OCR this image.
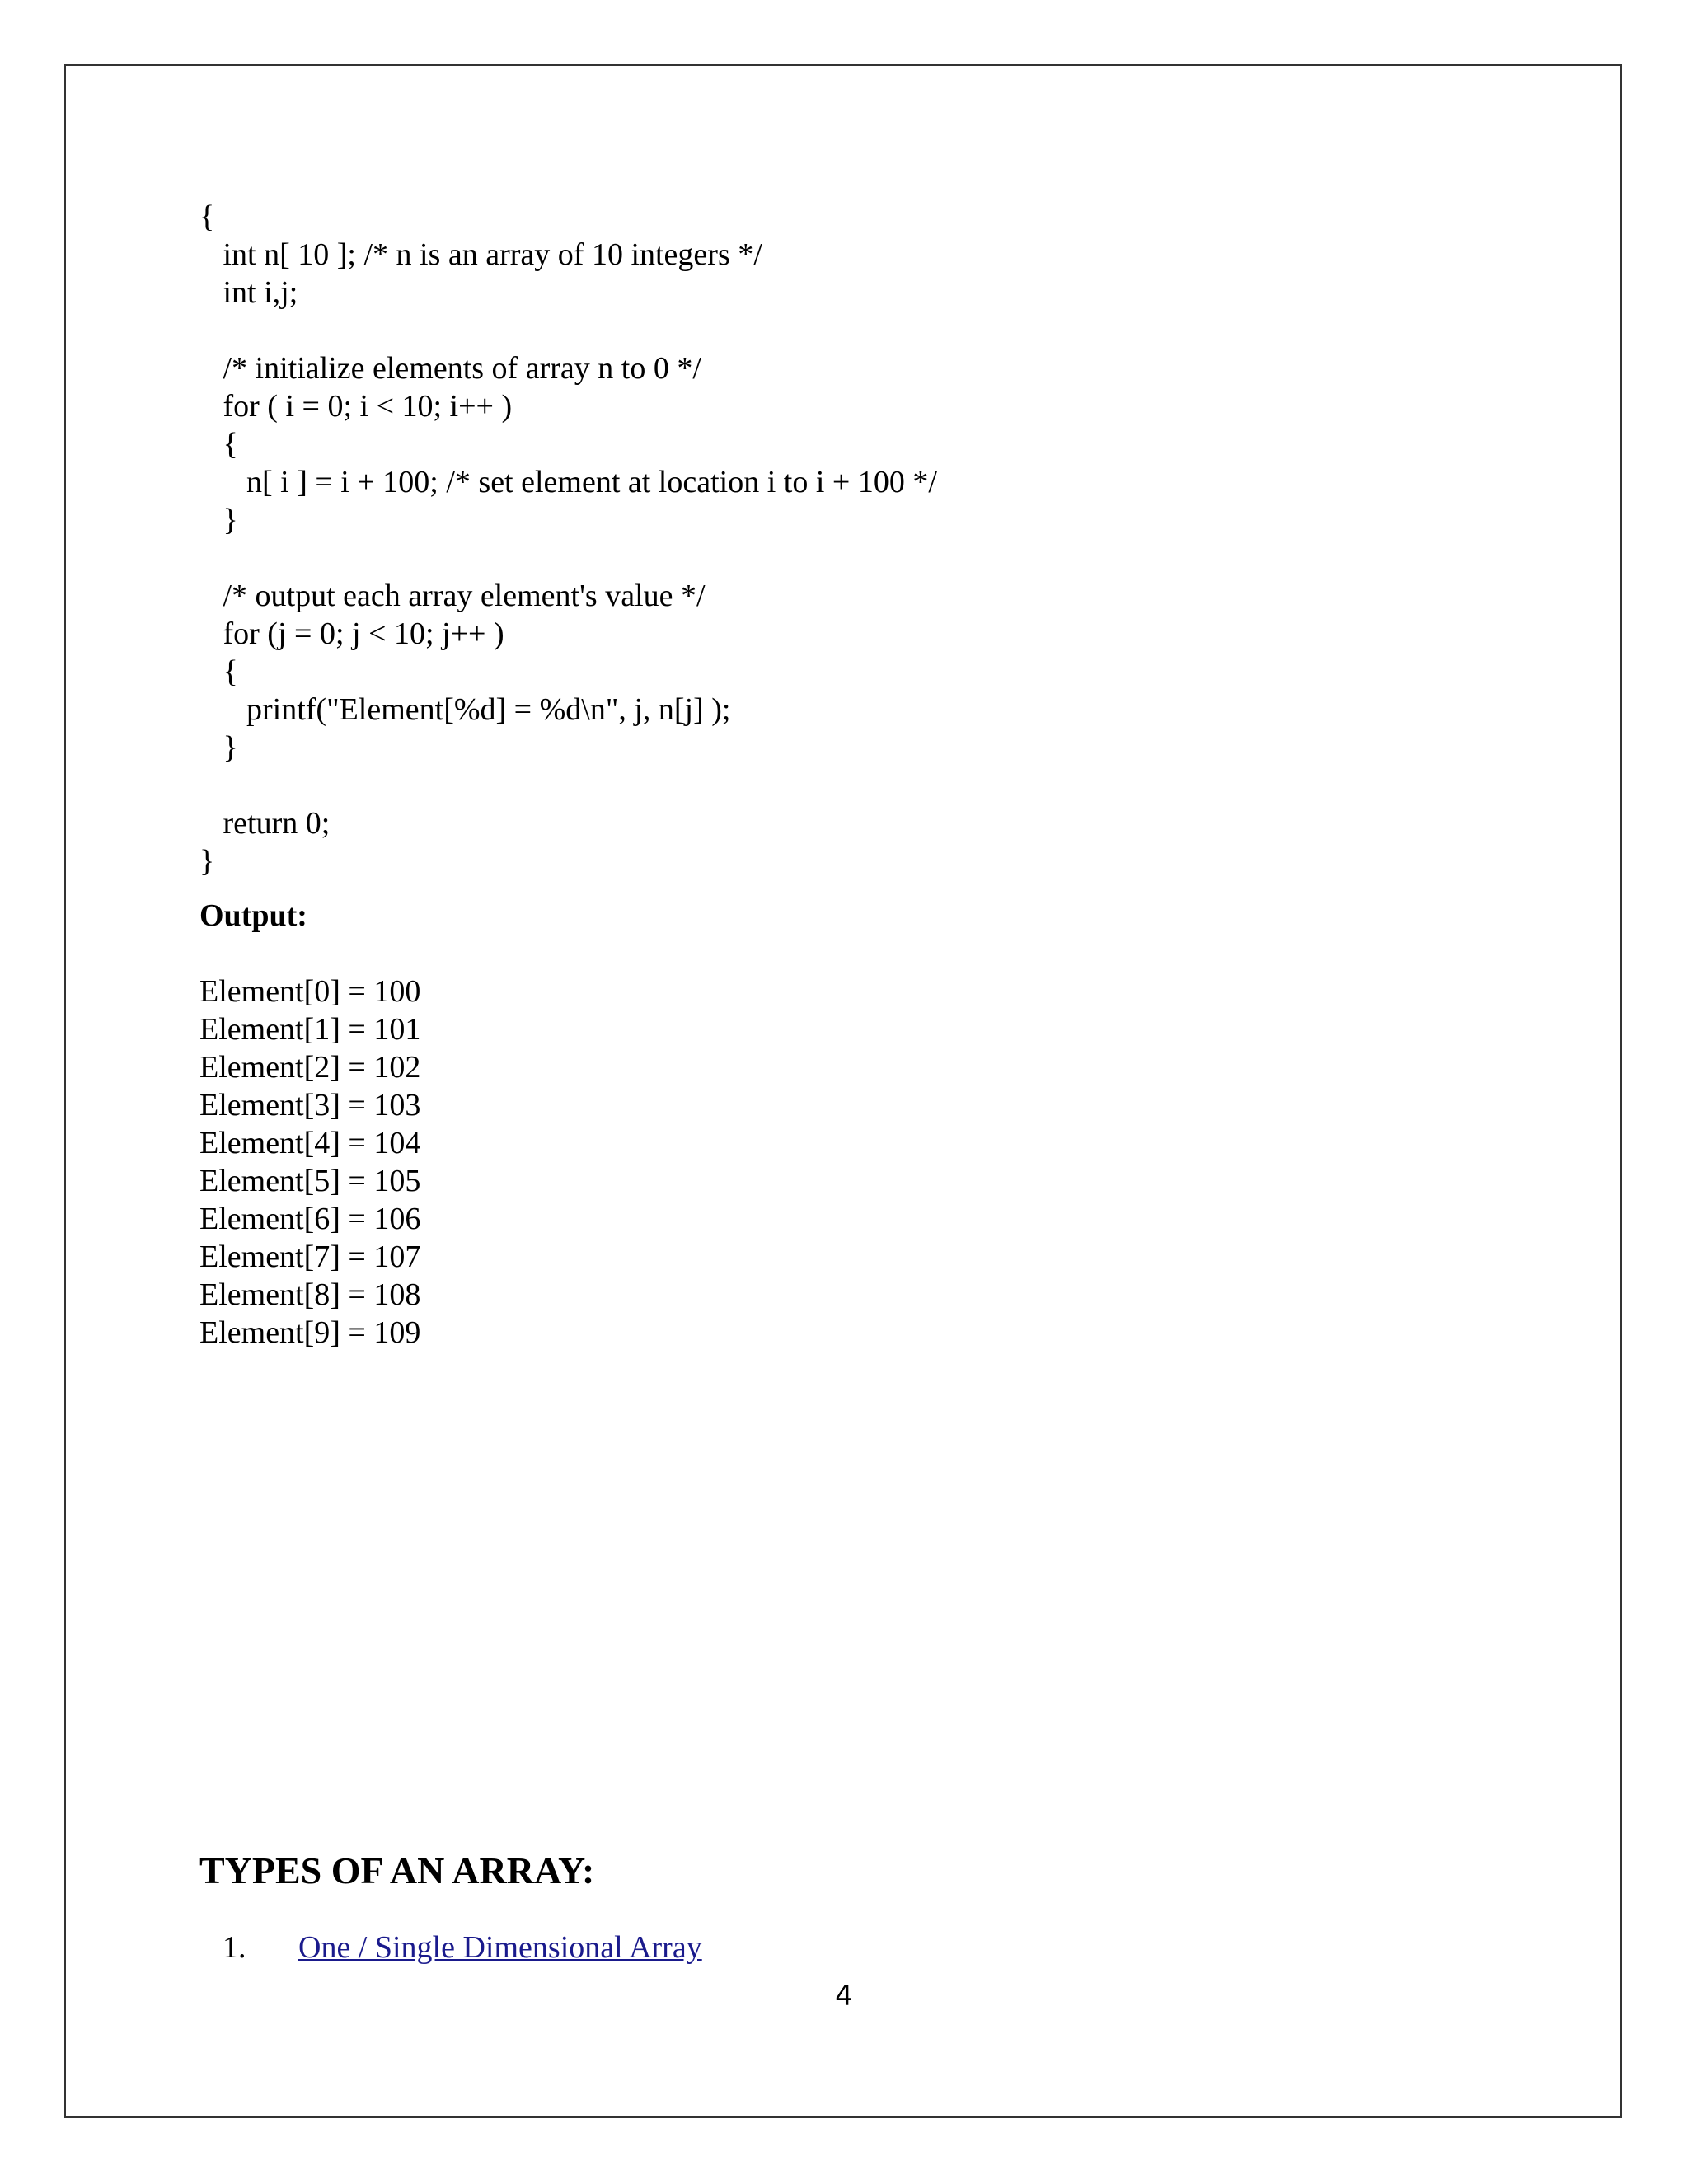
{
int n[ 10 ]; /* n is an array of 10 integers */
int i,j;
/* initialize elements of array n to 0 */
for ( i = 0; i < 10; i++ )
{
n[ i ] = i + 100; /* set element at location i to i + 100 */
}
/* output each array element's value */
for (j = 0; j < 10; j++ )
{
printf("Element[%d] = %d\n", j, n[j] );
}
return 0;
}
Output:
Element[0] = 100
Element[1] = 101
Element[2] = 102
Element[3] = 103
Element[4] = 104
Element[5] = 105
Element[6] = 106
Element[7] = 107
Element[8] = 108
Element[9] = 109
TYPES OF AN ARRAY:
1.	One / Single Dimensional Array
4
